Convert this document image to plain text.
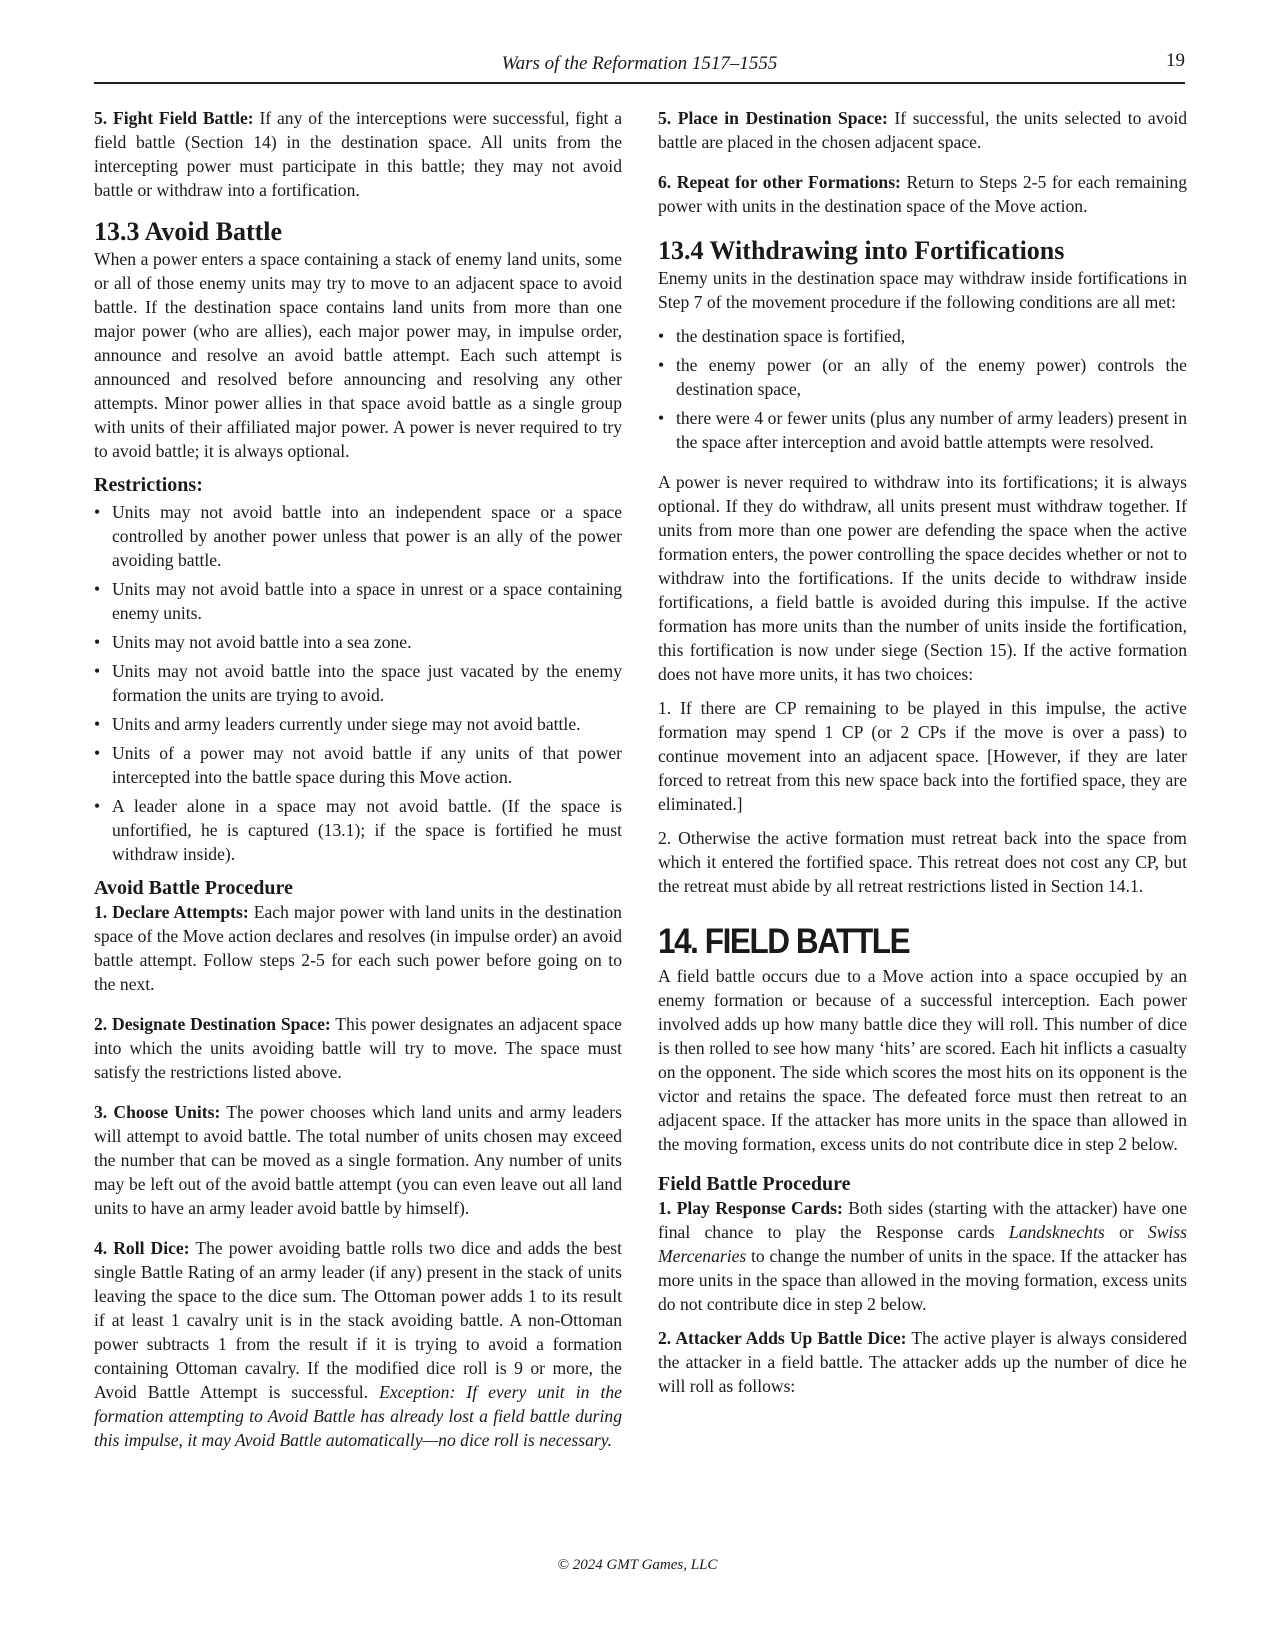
Wars of the Reformation 1517–1555	19

5. Fight Field Battle: If any of the interceptions were successful, fight a field battle (Section 14) in the destination space. All units from the intercepting power must participate in this battle; they may not avoid battle or withdraw into a fortification.

13.3 Avoid Battle

When a power enters a space containing a stack of enemy land units, some or all of those enemy units may try to move to an adjacent space to avoid battle. If the destination space contains land units from more than one major power (who are allies), each major power may, in impulse order, announce and resolve an avoid battle attempt. Each such attempt is announced and resolved before announcing and resolving any other attempts. Minor power allies in that space avoid battle as a single group with units of their affiliated major power. A power is never required to try to avoid battle; it is always optional.

Restrictions:
• Units may not avoid battle into an independent space or a space controlled by another power unless that power is an ally of the power avoiding battle.
• Units may not avoid battle into a space in unrest or a space containing enemy units.
• Units may not avoid battle into a sea zone.
• Units may not avoid battle into the space just vacated by the enemy formation the units are trying to avoid.
• Units and army leaders currently under siege may not avoid battle.
• Units of a power may not avoid battle if any units of that power intercepted into the battle space during this Move action.
• A leader alone in a space may not avoid battle. (If the space is unfortified, he is captured (13.1); if the space is fortified he must withdraw inside).
Avoid Battle Procedure

1. Declare Attempts: Each major power with land units in the destination space of the Move action declares and resolves (in impulse order) an avoid battle attempt. Follow steps 2-5 for each such power before going on to the next.

2. Designate Destination Space: This power designates an adjacent space into which the units avoiding battle will try to move. The space must satisfy the restrictions listed above.

3. Choose Units: The power chooses which land units and army leaders will attempt to avoid battle. The total number of units chosen may exceed the number that can be moved as a single formation. Any number of units may be left out of the avoid battle attempt (you can even leave out all land units to have an army leader avoid battle by himself).

4. Roll Dice: The power avoiding battle rolls two dice and adds the best single Battle Rating of an army leader (if any) present in the stack of units leaving the space to the dice sum. The Ottoman power adds 1 to its result if at least 1 cavalry unit is in the stack avoiding battle. A non-Ottoman power subtracts 1 from the result if it is trying to avoid a formation containing Ottoman cavalry. If the modified dice roll is 9 or more, the Avoid Battle Attempt is successful. Exception: If every unit in the formation attempting to Avoid Battle has already lost a field battle during this impulse, it may Avoid Battle automatically—no dice roll is necessary.

5. Place in Destination Space: If successful, the units selected to avoid battle are placed in the chosen adjacent space.

6. Repeat for other Formations: Return to Steps 2-5 for each remaining power with units in the destination space of the Move action.

13.4 Withdrawing into Fortifications

Enemy units in the destination space may withdraw inside fortifications in Step 7 of the movement procedure if the following conditions are all met:

• the destination space is fortified,
• the enemy power (or an ally of the enemy power) controls the destination space,
• there were 4 or fewer units (plus any number of army leaders) present in the space after interception and avoid battle attempts were resolved.

A power is never required to withdraw into its fortifications; it is always optional. If they do withdraw, all units present must withdraw together. If units from more than one power are defending the space when the active formation enters, the power controlling the space decides whether or not to withdraw into the fortifications. If the units decide to withdraw inside fortifications, a field battle is avoided during this impulse. If the active formation has more units than the number of units inside the fortification, this fortification is now under siege (Section 15). If the active formation does not have more units, it has two choices:

1. If there are CP remaining to be played in this impulse, the active formation may spend 1 CP (or 2 CPs if the move is over a pass) to continue movement into an adjacent space. [However, if they are later forced to retreat from this new space back into the fortified space, they are eliminated.]

2. Otherwise the active formation must retreat back into the space from which it entered the fortified space. This retreat does not cost any CP, but the retreat must abide by all retreat restrictions listed in Section 14.1.

14. FIELD BATTLE

A field battle occurs due to a Move action into a space occupied by an enemy formation or because of a successful interception. Each power involved adds up how many battle dice they will roll. This number of dice is then rolled to see how many ‘hits’ are scored. Each hit inflicts a casualty on the opponent. The side which scores the most hits on its opponent is the victor and retains the space. The defeated force must then retreat to an adjacent space. If the attacker has more units in the space than allowed in the moving formation, excess units do not contribute dice in step 2 below.

Field Battle Procedure

1. Play Response Cards: Both sides (starting with the attacker) have one final chance to play the Response cards Landsknechts or Swiss Mercenaries to change the number of units in the space. If the attacker has more units in the space than allowed in the moving formation, excess units do not contribute dice in step 2 below.

2. Attacker Adds Up Battle Dice: The active player is always considered the attacker in a field battle. The attacker adds up the number of dice he will roll as follows:

© 2024 GMT Games, LLC
